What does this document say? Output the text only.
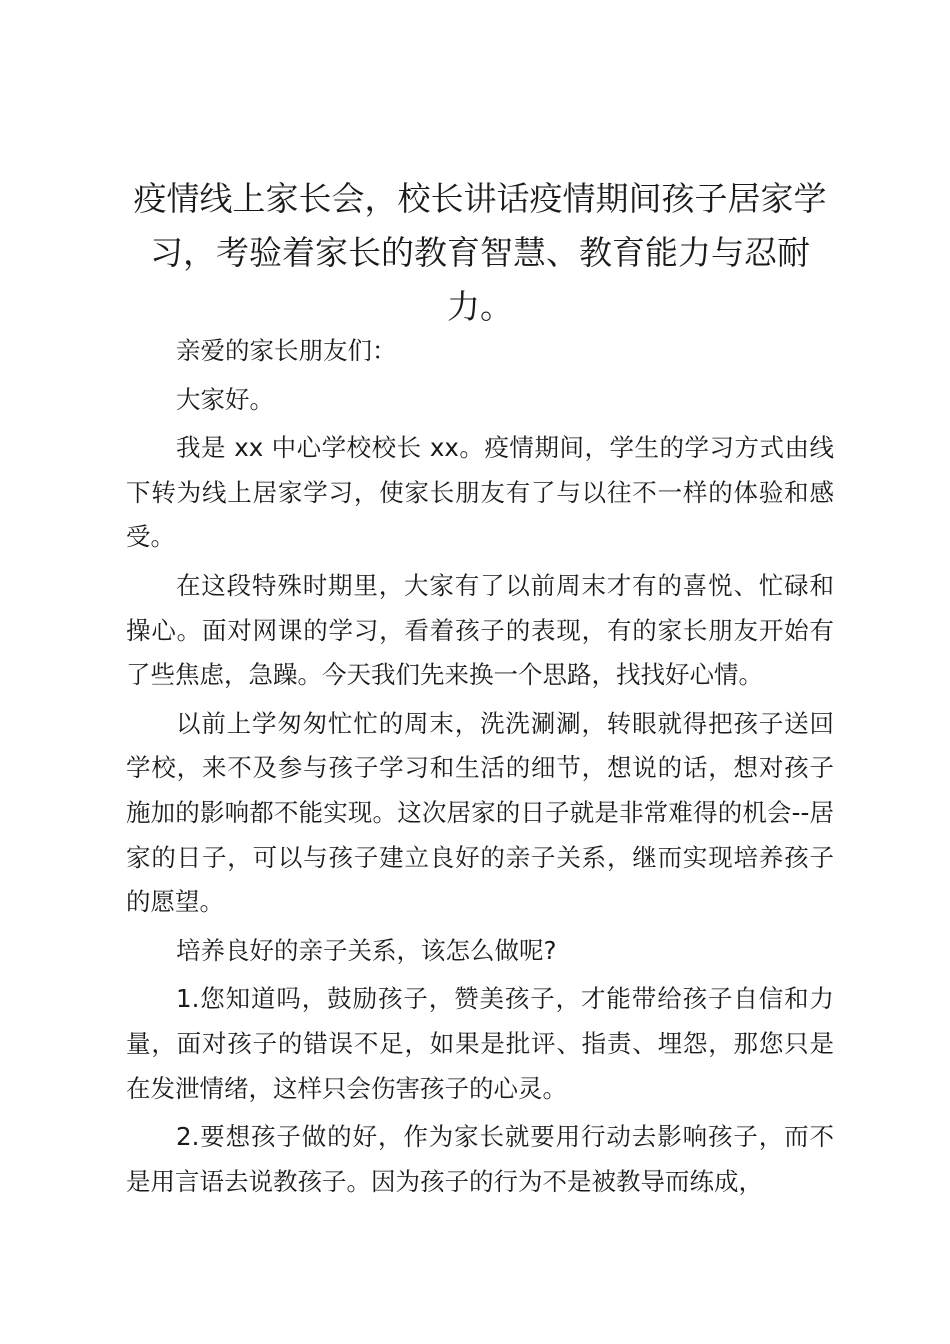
疫情线上家长会，校长讲话疫情期间孩子居家学习，考验着家长的教育智慧、教育能力与忍耐力。

亲爱的家长朋友们：

大家好。

我是 xx 中心学校校长 xx。疫情期间，学生的学习方式由线下转为线上居家学习，使家长朋友有了与以往不一样的体验和感受。

在这段特殊时期里，大家有了以前周末才有的喜悦、忙碌和操心。面对网课的学习，看着孩子的表现，有的家长朋友开始有了些焦虑，急躁。今天我们先来换一个思路，找找好心情。

以前上学匆匆忙忙的周末，洗洗涮涮，转眼就得把孩子送回学校，来不及参与孩子学习和生活的细节，想说的话，想对孩子施加的影响都不能实现。这次居家的日子就是非常难得的机会--居家的日子，可以与孩子建立良好的亲子关系，继而实现培养孩子的愿望。

培养良好的亲子关系，该怎么做呢?

1.您知道吗，鼓励孩子，赞美孩子，才能带给孩子自信和力量，面对孩子的错误不足，如果是批评、指责、埋怨，那您只是在发泄情绪，这样只会伤害孩子的心灵。

2.要想孩子做的好，作为家长就要用行动去影响孩子，而不是用言语去说教孩子。因为孩子的行为不是被教导而练成，
